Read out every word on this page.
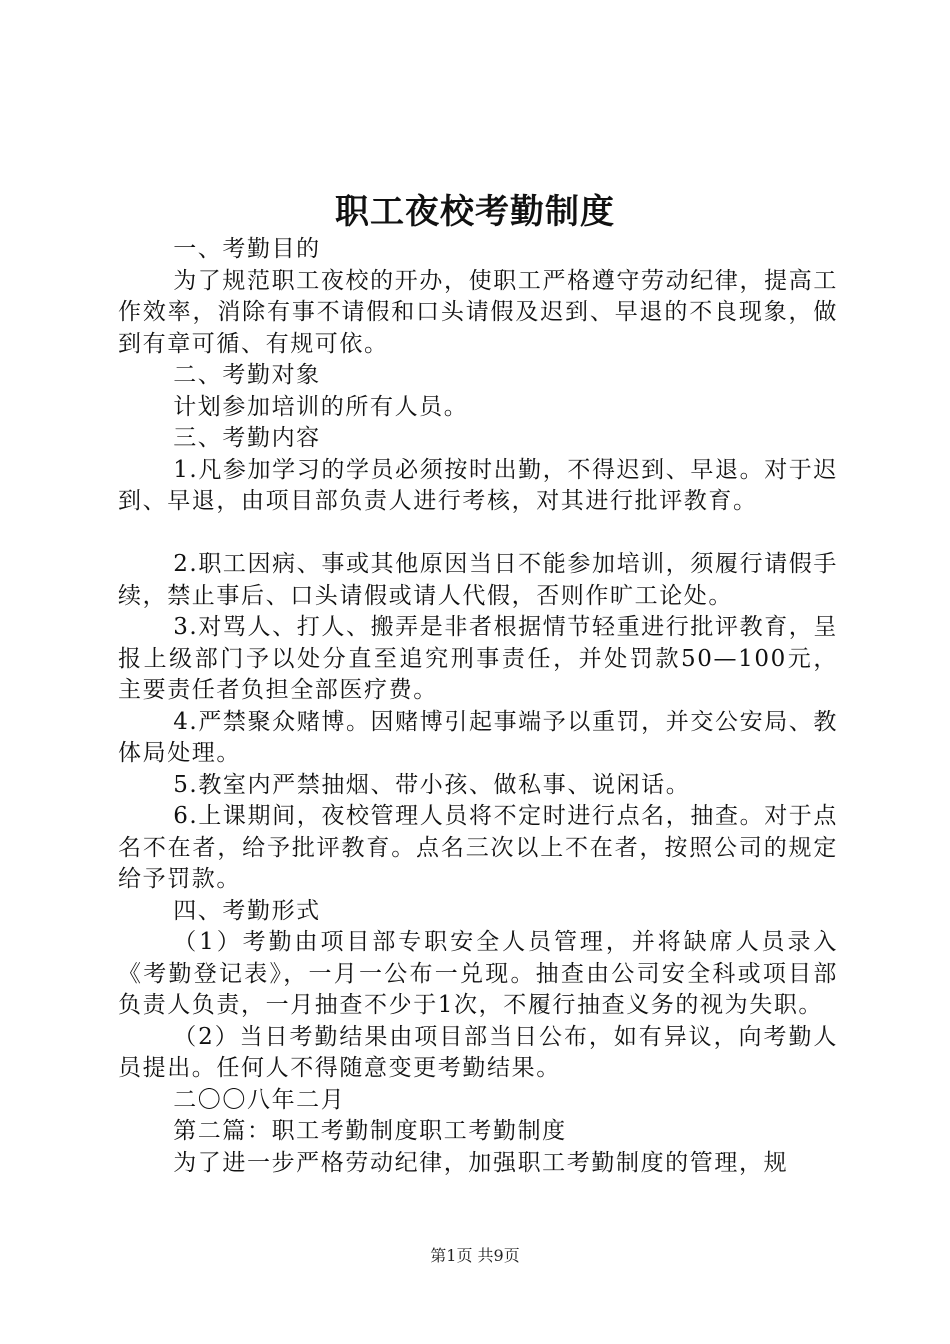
职工夜校考勤制度

一、考勤目的

为了规范职工夜校的开办，使职工严格遵守劳动纪律，提高工作效率，消除有事不请假和口头请假及迟到、早退的不良现象，做到有章可循、有规可依。

二、考勤对象

计划参加培训的所有人员。

三、考勤内容

1.凡参加学习的学员必须按时出勤，不得迟到、早退。对于迟到、早退，由项目部负责人进行考核，对其进行批评教育。

2.职工因病、事或其他原因当日不能参加培训，须履行请假手续，禁止事后、口头请假或请人代假，否则作旷工论处。

3.对骂人、打人、搬弄是非者根据情节轻重进行批评教育，呈报上级部门予以处分直至追究刑事责任，并处罚款50—100元，主要责任者负担全部医疗费。

4.严禁聚众赌博。因赌博引起事端予以重罚，并交公安局、教体局处理。

5.教室内严禁抽烟、带小孩、做私事、说闲话。

6.上课期间，夜校管理人员将不定时进行点名，抽查。对于点名不在者，给予批评教育。点名三次以上不在者，按照公司的规定给予罚款。

四、考勤形式

（1）考勤由项目部专职安全人员管理，并将缺席人员录入《考勤登记表》，一月一公布一兑现。抽查由公司安全科或项目部负责人负责，一月抽查不少于1次，不履行抽查义务的视为失职。

（2）当日考勤结果由项目部当日公布，如有异议，向考勤人员提出。任何人不得随意变更考勤结果。

二〇〇八年二月

第二篇：职工考勤制度职工考勤制度

为了进一步严格劳动纪律，加强职工考勤制度的管理，规

第1页 共9页
